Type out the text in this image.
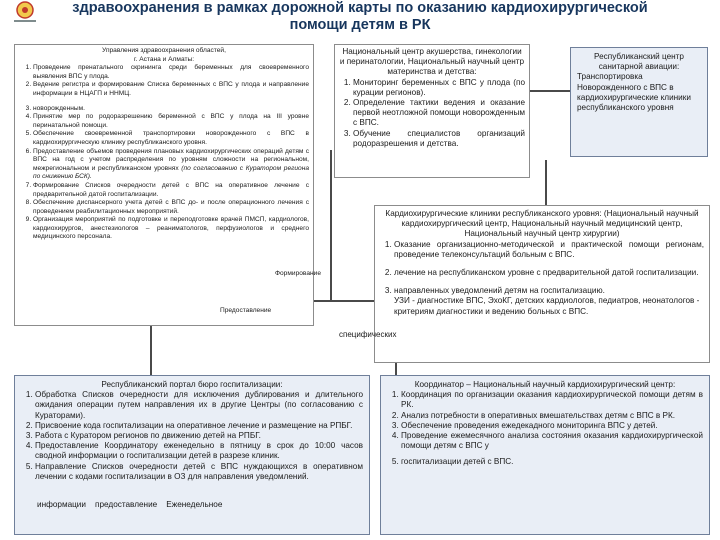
здравоохранения в рамках дорожной карты по оказанию кардиохирургической
помощи детям в РК
Управления здравоохранения областей,
г. Астана и Алматы:
1. Проведение пренатального скрининга среди беременных для своевременного выявления ВПС у плода.
2. Ведение регистра и формирование Списка беременных с ВПС у плода и направление информации в НЦАГП и ННМЦ.
3. новорожденным.
4. Принятие мер по родоразрешению беременной с ВПС у плода на III уровне перинатальной помощи.
5. Обеспечение своевременной транспортировки новорожденного с ВПС в кардиохирургическую клинику республиканского уровня.
6. Предоставление объемов проведения плановых кардиохирургических операций детям с ВПС на год с учетом распределения по уровням сложности на региональном, межрегиональном и республиканском уровнях (по согласованию с Куратором региона по снижению БСК).
7. Формирование Списков очередности детей с ВПС на оперативное лечение с предварительной датой госпитализации.
8. Обеспечение диспансерного учета детей с ВПС до- и после операционного лечения с проведением реабилитационных мероприятий.
9. Организация мероприятий по подготовке и переподготовке врачей ПМСП, кардиологов, кардиохирургов, анестезиологов – реаниматологов, перфузиологов и среднего медицинского персонала.
Формирование
Предоставление
Национальный центр акушерства, гинекологии и перинатологии, Национальный научный центр материнства и детства:
1. Мониторинг беременных с ВПС у плода (по курации регионов).
2. Определение тактики ведения и оказание первой неотложной помощи новорожденным с ВПС.
3. Обучение специалистов организаций родоразрешения и детства.
Республиканский центр санитарной авиации:
Транспортировка Новорожденного с ВПС в кардиохирургические клиники республиканского уровня
Кардиохирургические клиники республиканского уровня: (Национальный научный кардиохирургический центр, Национальный научный медицинский центр, Национальный научный центр хирургии)
1. Оказание организационно-методической и практической помощи регионам, проведение телеконсультаций больным с ВПС.
2. лечение на республиканском уровне с предварительной датой госпитализации.
3. направленных уведомлений детям на госпитализацию.
специфических
УЗИ - диагностике ВПС, ЭхоКГ, детских кардиологов, педиатров, неонатологов - критериям диагностики и ведению больных с ВПС.
Республиканский портал бюро госпитализации:
1. Обработка Списков очередности для исключения дублирования и длительного ожидания операции путем направления их в другие Центры (по согласованию с Кураторами).
2. Присвоение кода госпитализации на оперативное лечение и размещение на РПБГ.
3. Работа с Куратором регионов по движению детей на РПБГ.
4. Предоставление Координатору еженедельно в пятницу в срок до 10:00 часов сводной информации о госпитализации детей в разрезе клиник.
5. Направление Списков очередности детей с ВПС нуждающихся в оперативном лечении с кодами госпитализации в ОЗ для направления уведомлений.
информации    предоставление    Еженедельное
Координатор – Национальный научный кардиохирургический центр:
1. Координация по организации оказания кардиохирургической помощи детям в РК.
2. Анализ потребности в оперативных вмешательствах детям с ВПС в РК.
3. Обеспечение проведения ежедекадного мониторинга ВПС у детей.
4. Проведение ежемесячного анализа состояния оказания кардиохирургической помощи детям с ВПС у
5. госпитализации детей с ВПС.
